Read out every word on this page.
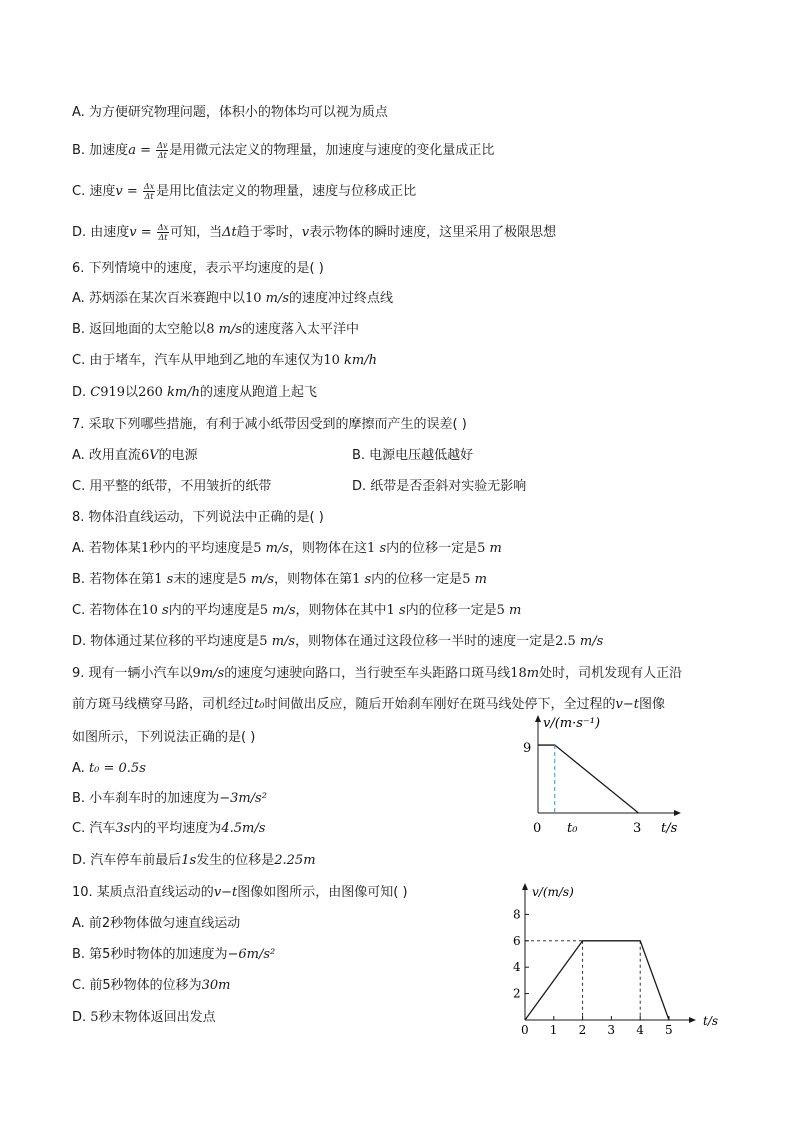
A. 为方便研究物理问题，体积小的物体均可以视为质点
B. 加速度$a = \frac{\Delta v}{\Delta t}$ 是用微元法定义的物理量，加速度与速度的变化量成正比
C. 速度$v = \frac{\Delta x}{\Delta t}$ 是用比值法定义的物理量，速度与位移成正比
D. 由速度$v = \frac{\Delta x}{\Delta t}$ 可知，当Δt趋于零时，v表示物体的瞬时速度，这里采用了极限思想
6. 下列情境中的速度，表示平均速度的是( )
A. 苏炳添在某次百米赛跑中以10 m/s的速度冲过终点线
B. 返回地面的太空舱以8 m/s的速度落入太平洋中
C. 由于堵车，汽车从甲地到乙地的车速仅为10 km/h
D. C919以260 km/h的速度从跑道上起飞
7. 采取下列哪些措施，有利于减小纸带因受到的摩擦而产生的误差( )
A. 改用直流6V的电源	B. 电源电压越低越好
C. 用平整的纸带，不用皱折的纸带	D. 纸带是否歪斜对实验无影响
8. 物体沿直线运动，下列说法中正确的是( )
A. 若物体某1秒内的平均速度是5 m/s，则物体在这1 s内的位移一定是5 m
B. 若物体在第1 s末的速度是5 m/s，则物体在第1 s内的位移一定是5 m
C. 若物体在10 s内的平均速度是5 m/s，则物体在其中1 s内的位移一定是5 m
D. 物体通过某位移的平均速度是5 m/s，则物体在通过这段位移一半时的速度一定是2.5 m/s
9. 现有一辆小汽车以9m/s的速度匀速驶向路口，当行驶至车头距路口斑马线18m处时，司机发现有人正沿
前方斑马线横穿马路，司机经过t₀时间做出反应，随后开始刹车刚好在斑马线处停下，全过程的v−t图像
如图所示，下列说法正确的是( )
A. t₀ = 0.5s
B. 小车刹车时的加速度为−3m/s²
C. 汽车3s内的平均速度为4.5m/s
D. 汽车停车前最后1s发生的位移是2.25m
v/(m·s⁻¹)
9
0 t₀	3 t/s
10. 某质点沿直线运动的v−t图像如图所示，由图像可知( )
A. 前2秒物体做匀速直线运动
B. 第5秒时物体的加速度为−6m/s²
C. 前5秒物体的位移为30m
D. 5秒末物体返回出发点
v/(m/s)
t/s
0 1 2 3 4 5
2
4
6
8
